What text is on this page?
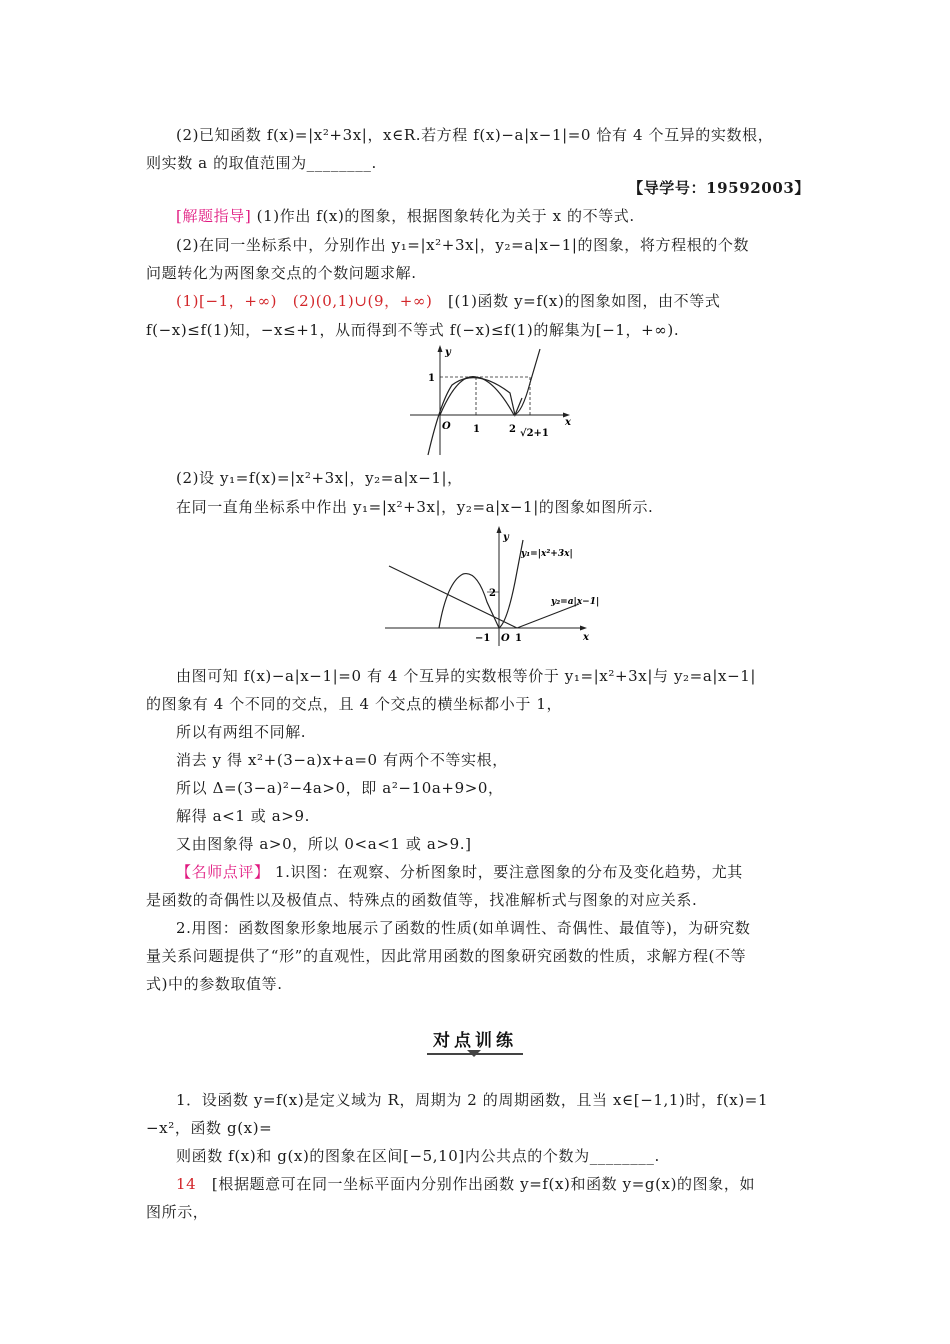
(2)已知函数 f(x)=|x²+3x|，x∈R.若方程 f(x)−a|x−1|=0 恰有 4 个互异的实数根，
则实数 a 的取值范围为________.
【导学号：19592003】
[解题指导] (1)作出 f(x)的图象，根据图象转化为关于 x 的不等式.
(2)在同一坐标系中，分别作出 y₁=|x²+3x|，y₂=a|x−1|的图象，将方程根的个数
问题转化为两图象交点的个数问题求解.
(1)[−1，+∞)　(2)(0,1)∪(9，+∞)　[(1)函数 y=f(x)的图象如图，由不等式
f(−x)≤f(1)知，−x≤+1，从而得到不等式 f(−x)≤f(1)的解集为[−1，+∞).
y
x
O
1
1	2 √2+1
(2)设 y₁=f(x)=|x²+3x|，y₂=a|x−1|，
在同一直角坐标系中作出 y₁=|x²+3x|，y₂=a|x−1|的图象如图所示.
y
x
O
2
−1 1
y₁=|x²+3x|
y₂=a|x−1|
由图可知 f(x)−a|x−1|=0 有 4 个互异的实数根等价于 y₁=|x²+3x|与 y₂=a|x−1|
的图象有 4 个不同的交点，且 4 个交点的横坐标都小于 1，
所以有两组不同解.
消去 y 得 x²+(3−a)x+a=0 有两个不等实根，
所以 Δ=(3−a)²−4a>0，即 a²−10a+9>0，
解得 a<1 或 a>9.
又由图象得 a>0，所以 0<a<1 或 a>9.]
【名师点评】 1.识图：在观察、分析图象时，要注意图象的分布及变化趋势，尤其
是函数的奇偶性以及极值点、特殊点的函数值等，找准解析式与图象的对应关系.
2.用图：函数图象形象地展示了函数的性质(如单调性、奇偶性、最值等)，为研究数
量关系问题提供了“形”的直观性，因此常用函数的图象研究函数的性质，求解方程(不等
式)中的参数取值等.
对点训练
1．设函数 y=f(x)是定义域为 R，周期为 2 的周期函数，且当 x∈[−1,1)时，f(x)=1
−x²，函数 g(x)=
则函数 f(x)和 g(x)的图象在区间[−5,10]内公共点的个数为________.
14　[根据题意可在同一坐标平面内分别作出函数 y=f(x)和函数 y=g(x)的图象，如
图所示，
